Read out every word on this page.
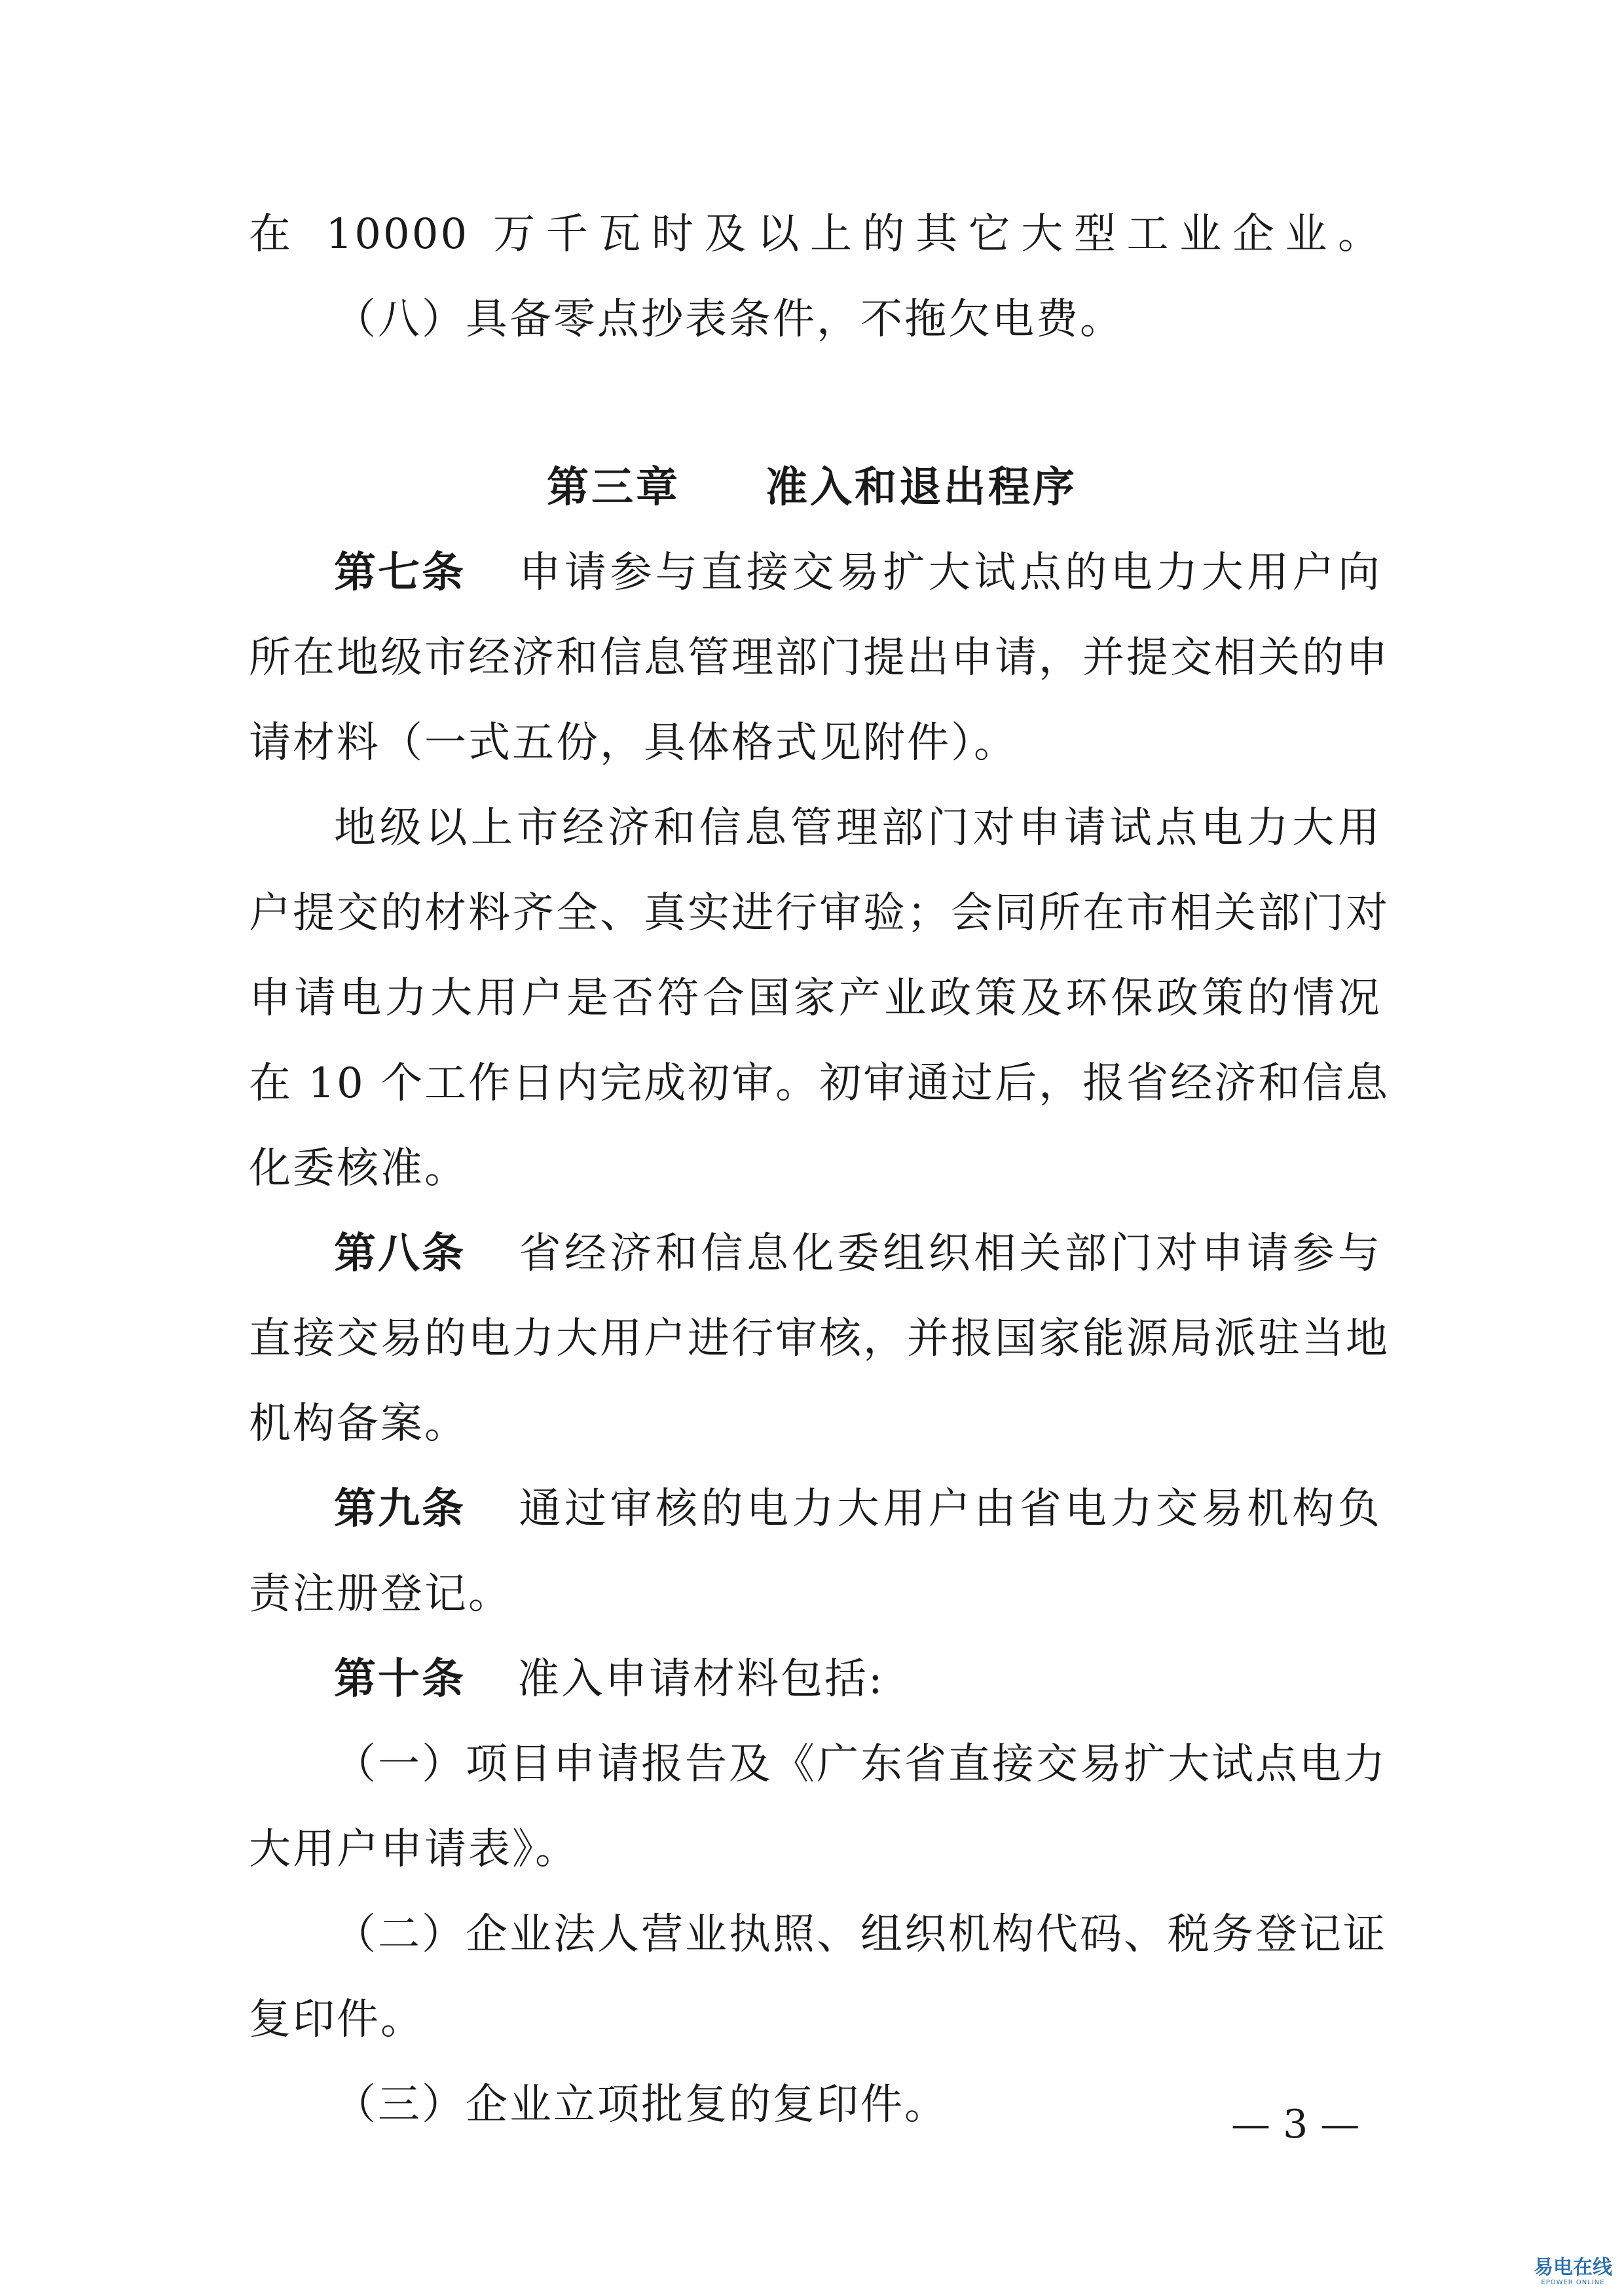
在 10000 万千瓦时及以上的其它大型工业企业。
（八）具备零点抄表条件，不拖欠电费。
第三章 准入和退出程序
第七条 申请参与直接交易扩大试点的电力大用户向
所在地级市经济和信息管理部门提出申请，并提交相关的申
请材料（一式五份，具体格式见附件）。
地级以上市经济和信息管理部门对申请试点电力大用
户提交的材料齐全、真实进行审验；会同所在市相关部门对
申请电力大用户是否符合国家产业政策及环保政策的情况
在 10 个工作日内完成初审。初审通过后，报省经济和信息
化委核准。
第八条 省经济和信息化委组织相关部门对申请参与
直接交易的电力大用户进行审核，并报国家能源局派驻当地
机构备案。
第九条 通过审核的电力大用户由省电力交易机构负
责注册登记。
第十条 准入申请材料包括:
（一）项目申请报告及《广东省直接交易扩大试点电力
大用户申请表》。
（二）企业法人营业执照、组织机构代码、税务登记证
复印件。
（三）企业立项批复的复印件。	— 3 —
易电在线
EPOWER ONLINE
